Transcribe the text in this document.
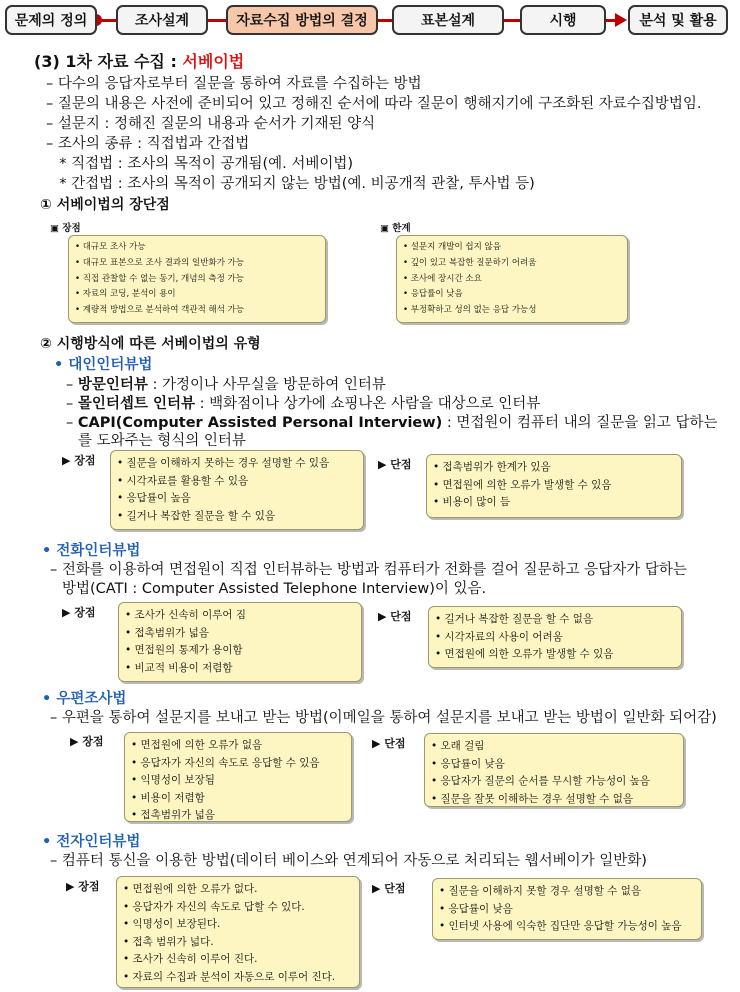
문제의 정의	조사설계	자료수집 방법의 결정	표본설계	시행	분석 및 활용
(3) 1차 자료 수집 : 서베이법
– 다수의 응답자로부터 질문을 통하여 자료를 수집하는 방법
– 질문의 내용은 사전에 준비되어 있고 정해진 순서에 따라 질문이 행해지기에 구조화된 자료수집방법임.
– 설문지 : 정해진 질문의 내용과 순서가 기재된 양식
– 조사의 종류 : 직접법과 간접법
* 직접법 : 조사의 목적이 공개됨(예. 서베이법)
* 간접법 : 조사의 목적이 공개되지 않는 방법(예. 비공개적 관찰, 투사법 등)
① 서베이법의 장단점
▣ 장점	▣ 한계
• 대규모 조사 가능
• 대규모 표본으로 조사 결과의 일반화가 가능
• 직접 관찰할 수 없는 동기, 개념의 측정 가능
• 자료의 코딩, 분석이 용이
• 계량적 방법으로 분석하여 객관적 해석 가능
• 설문지 개발이 쉽지 않음
• 깊이 있고 복잡한 질문하기 어려움
• 조사에 장시간 소요
• 응답률이 낮음
• 부정확하고 성의 없는 응답 가능성
② 시행방식에 따른 서베이법의 유형
• 대인인터뷰법
– 방문인터뷰 : 가정이나 사무실을 방문하여 인터뷰
– 몰인터셉트 인터뷰 : 백화점이나 상가에 쇼핑나온 사람을 대상으로 인터뷰
– CAPI(Computer Assisted Personal Interview) : 면접원이 컴퓨터 내의 질문을 읽고 답하는
를 도와주는 형식의 인터뷰
▶ 장점	• 질문을 이해하지 못하는 경우 설명할 수 있음
• 시각자료를 활용할 수 있음
• 응답률이 높음
• 길거나 복잡한 질문을 할 수 있음
▶ 단점	• 접촉범위가 한계가 있음
• 면접원에 의한 오류가 발생할 수 있음
• 비용이 많이 듬
• 전화인터뷰법
– 전화를 이용하여 면접원이 직접 인터뷰하는 방법과 컴퓨터가 전화를 걸어 질문하고 응답자가 답하는
방법(CATI : Computer Assisted Telephone Interview)이 있음.
▶ 장점	• 조사가 신속히 이루어 짐
• 접촉범위가 넓음
• 면접원의 통제가 용이함
• 비교적 비용이 저렴함
▶ 단점	• 길거나 복잡한 질문을 할 수 없음
• 시각자료의 사용이 어려움
• 면접원에 의한 오류가 발생할 수 있음
• 우편조사법
– 우편을 통하여 설문지를 보내고 받는 방법(이메일을 통하여 설문지를 보내고 받는 방법이 일반화 되어감)
▶ 장점	• 면접원에 의한 오류가 없음
• 응답자가 자신의 속도로 응답할 수 있음
• 익명성이 보장됨
• 비용이 저렴함
• 접촉범위가 넓음
▶ 단점	• 오래 걸림
• 응답률이 낮음
• 응답자가 질문의 순서를 무시할 가능성이 높음
• 질문을 잘못 이해하는 경우 설명할 수 없음
• 전자인터뷰법
– 컴퓨터 통신을 이용한 방법(데이터 베이스와 연계되어 자동으로 처리되는 웹서베이가 일반화)
▶ 장점	• 면접원에 의한 오류가 없다.
• 응답자가 자신의 속도로 답할 수 있다.
• 익명성이 보장된다.
• 접촉 범위가 넓다.
• 조사가 신속히 이루어 진다.
• 자료의 수집과 분석이 자동으로 이루어 진다.
▶ 단점	• 질문을 이해하지 못할 경우 설명할 수 없음
• 응답률이 낮음
• 인터넷 사용에 익숙한 집단만 응답할 가능성이 높음
